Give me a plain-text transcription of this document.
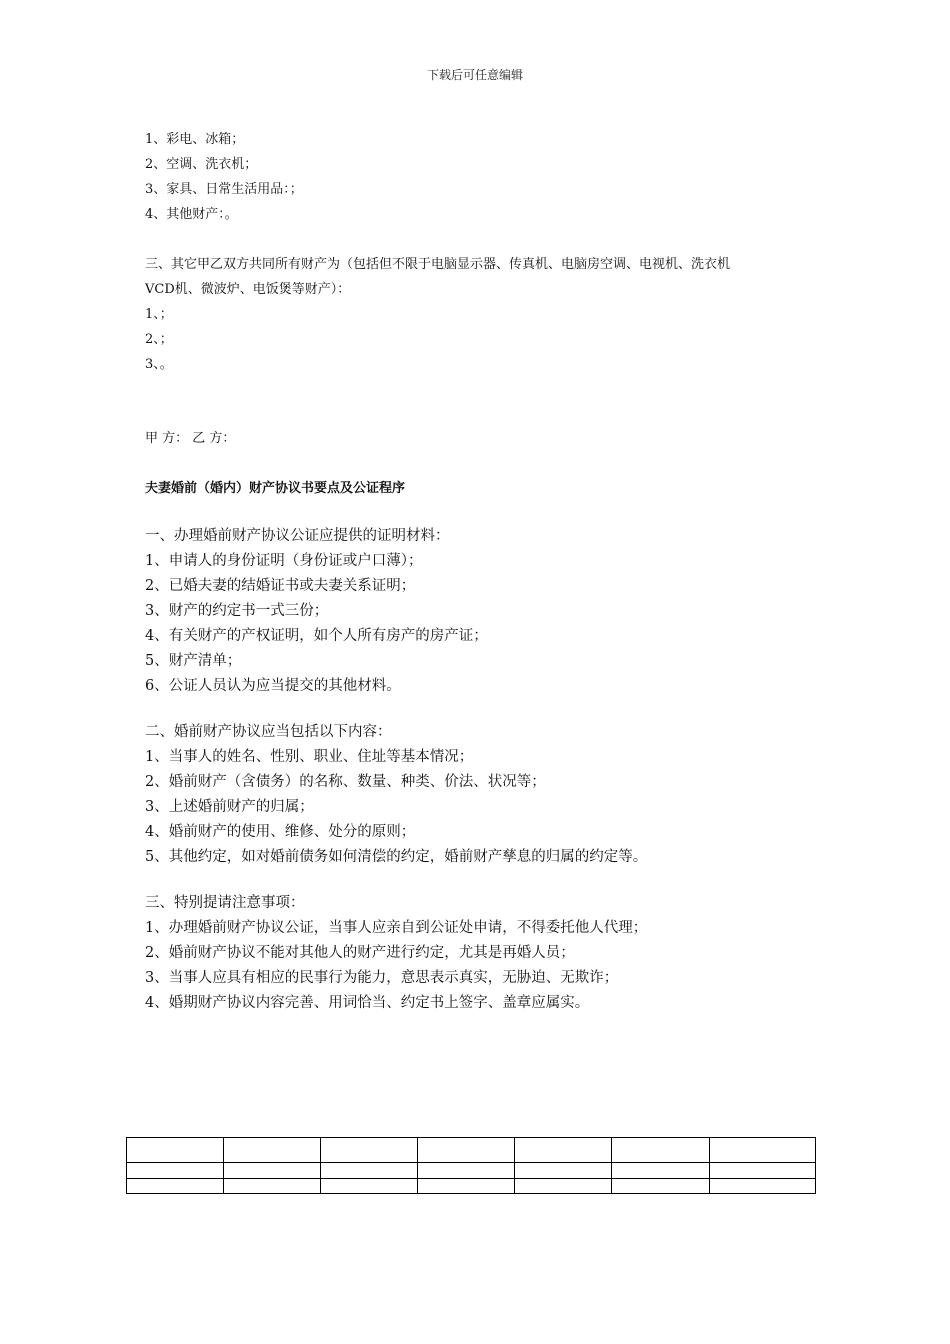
下载后可任意编辑
1、彩电、冰箱；
2、空调、洗衣机；
3、家具、日常生活用品：；
4、其他财产：。
三、其它甲乙双方共同所有财产为（包括但不限于电脑显示器、传真机、电脑房空调、电视机、洗衣机
VCD机、微波炉、电饭煲等财产）：
1、；
2、；
3、。
甲 方： 乙 方：
夫妻婚前（婚内）财产协议书要点及公证程序
一、办理婚前财产协议公证应提供的证明材料：
1、申请人的身份证明（身份证或户口薄）；
2、已婚夫妻的结婚证书或夫妻关系证明；
3、财产的约定书一式三份；
4、有关财产的产权证明，如个人所有房产的房产证；
5、财产清单；
6、公证人员认为应当提交的其他材料。
二、婚前财产协议应当包括以下内容：
1、当事人的姓名、性别、职业、住址等基本情况；
2、婚前财产（含债务）的名称、数量、种类、价法、状况等；
3、上述婚前财产的归属；
4、婚前财产的使用、维修、处分的原则；
5、其他约定，如对婚前债务如何清偿的约定，婚前财产孳息的归属的约定等。
三、特别提请注意事项：
1、办理婚前财产协议公证，当事人应亲自到公证处申请，不得委托他人代理；
2、婚前财产协议不能对其他人的财产进行约定，尤其是再婚人员；
3、当事人应具有相应的民事行为能力，意思表示真实，无胁迫、无欺诈；
4、婚期财产协议内容完善、用词恰当、约定书上签字、盖章应属实。
